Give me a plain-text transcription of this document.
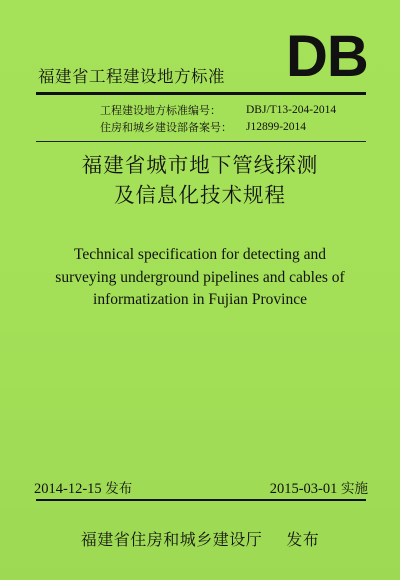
福建省工程建设地方标准 DB
工程建设地方标准编号：	DBJ/T13-204-2014
住房和城乡建设部备案号：	J12899-2014
福建省城市地下管线探测
及信息化技术规程
Technical specification for detecting and
surveying underground pipelines and cables of
informatization in Fujian Province
2014-12-15 发布	2015-03-01 实施
福建省住房和城乡建设厅 发布
